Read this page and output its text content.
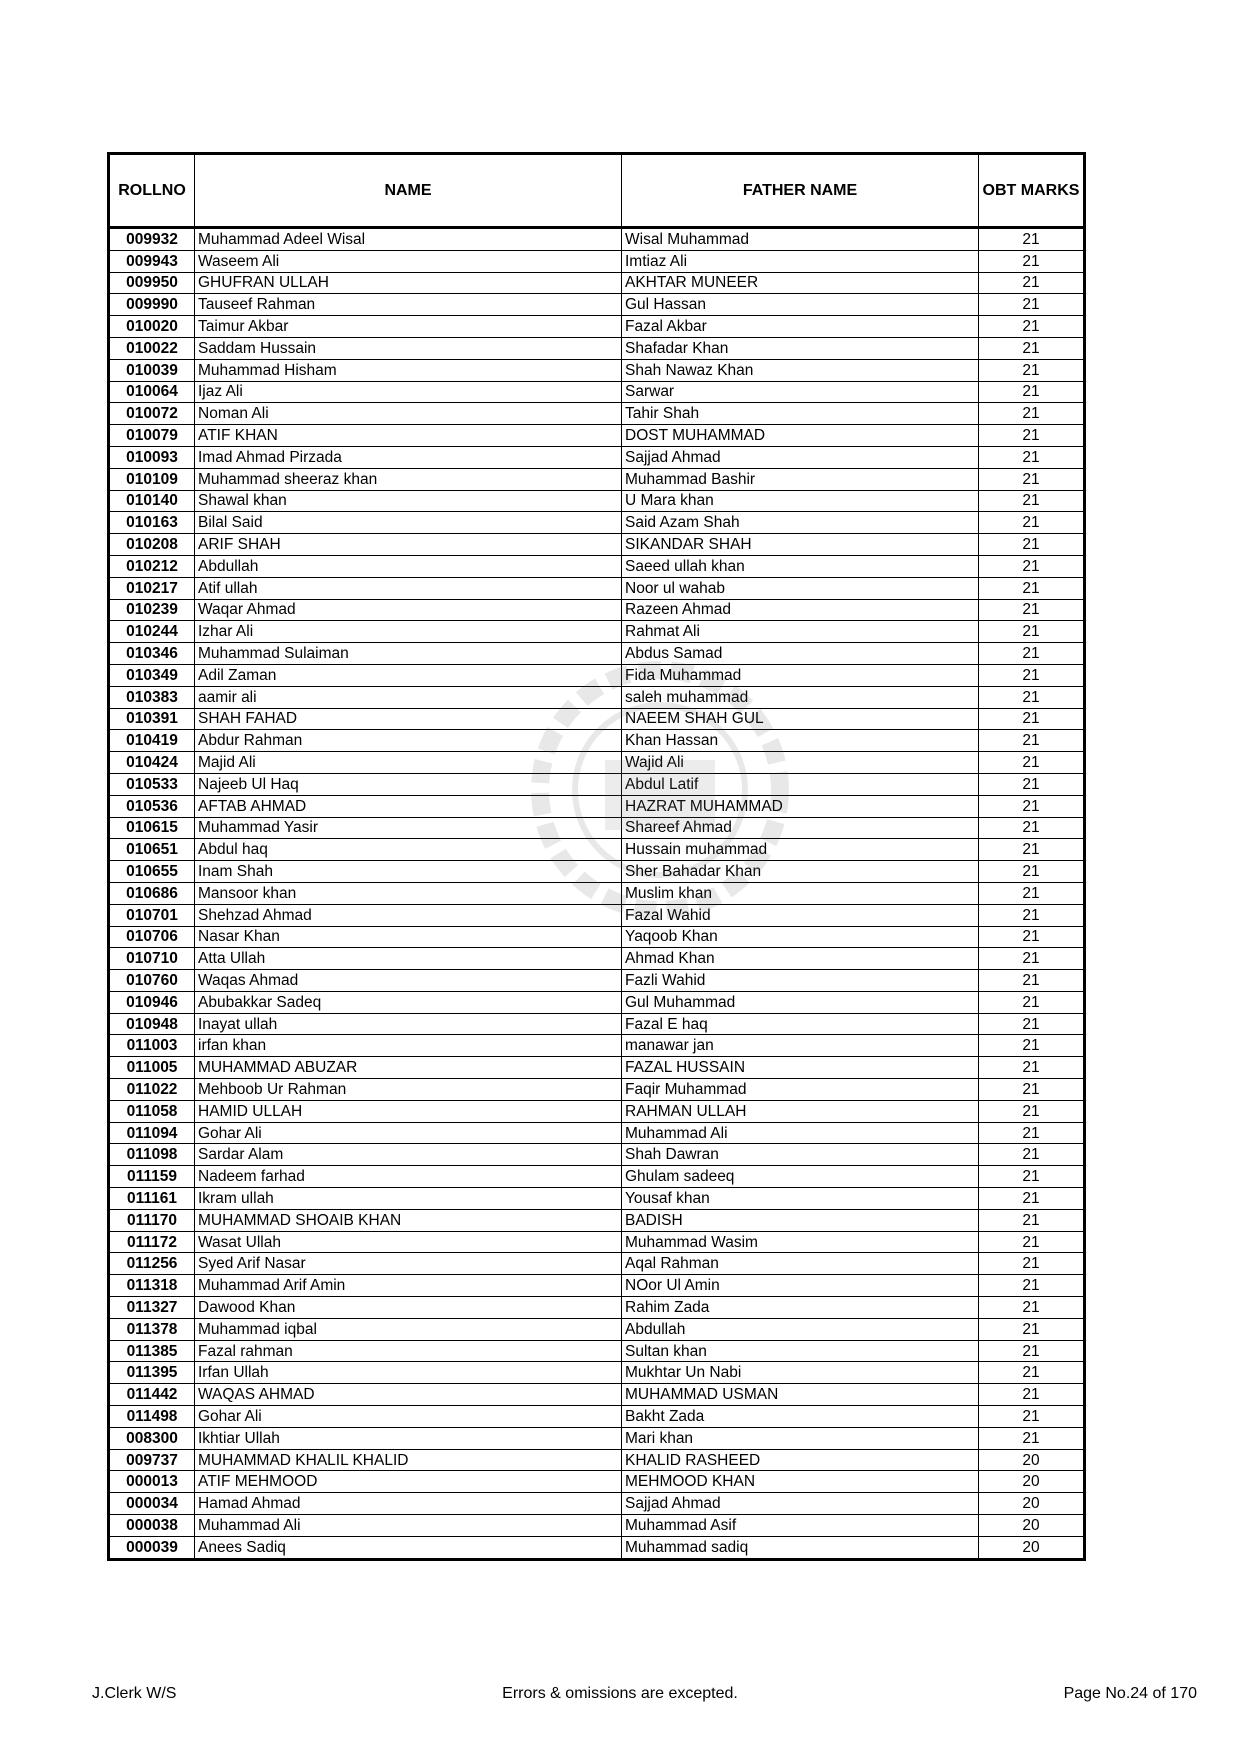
ROLLNO	NAME	FATHER NAME	OBT MARKS
009932	Muhammad Adeel Wisal	Wisal Muhammad	21
009943	Waseem Ali	Imtiaz Ali	21
009950	GHUFRAN ULLAH	AKHTAR MUNEER	21
009990	Tauseef Rahman	Gul Hassan	21
010020	Taimur Akbar	Fazal Akbar	21
010022	Saddam Hussain	Shafadar Khan	21
010039	Muhammad Hisham	Shah Nawaz Khan	21
010064	Ijaz Ali	Sarwar	21
010072	Noman Ali	Tahir Shah	21
010079	ATIF KHAN	DOST MUHAMMAD	21
010093	Imad Ahmad Pirzada	Sajjad Ahmad	21
010109	Muhammad sheeraz khan	Muhammad Bashir	21
010140	Shawal khan	U Mara khan	21
010163	Bilal Said	Said Azam Shah	21
010208	ARIF SHAH	SIKANDAR SHAH	21
010212	Abdullah	Saeed ullah khan	21
010217	Atif ullah	Noor ul wahab	21
010239	Waqar Ahmad	Razeen Ahmad	21
010244	Izhar Ali	Rahmat Ali	21
010346	Muhammad Sulaiman	Abdus Samad	21
010349	Adil Zaman	Fida Muhammad	21
010383	aamir ali	saleh muhammad	21
010391	SHAH FAHAD	NAEEM SHAH GUL	21
010419	Abdur Rahman	Khan Hassan	21
010424	Majid Ali	Wajid Ali	21
010533	Najeeb Ul Haq	Abdul Latif	21
010536	AFTAB AHMAD	HAZRAT MUHAMMAD	21
010615	Muhammad Yasir	Shareef Ahmad	21
010651	Abdul haq	Hussain muhammad	21
010655	Inam Shah	Sher Bahadar Khan	21
010686	Mansoor khan	Muslim khan	21
010701	Shehzad Ahmad	Fazal Wahid	21
010706	Nasar Khan	Yaqoob Khan	21
010710	Atta Ullah	Ahmad Khan	21
010760	Waqas Ahmad	Fazli Wahid	21
010946	Abubakkar Sadeq	Gul Muhammad	21
010948	Inayat ullah	Fazal E haq	21
011003	irfan khan	manawar jan	21
011005	MUHAMMAD ABUZAR	FAZAL HUSSAIN	21
011022	Mehboob Ur Rahman	Faqir Muhammad	21
011058	HAMID ULLAH	RAHMAN ULLAH	21
011094	Gohar Ali	Muhammad Ali	21
011098	Sardar Alam	Shah Dawran	21
011159	Nadeem farhad	Ghulam sadeeq	21
011161	Ikram ullah	Yousaf khan	21
011170	MUHAMMAD SHOAIB KHAN	BADISH	21
011172	Wasat Ullah	Muhammad Wasim	21
011256	Syed Arif Nasar	Aqal Rahman	21
011318	Muhammad Arif Amin	NOor Ul Amin	21
011327	Dawood Khan	Rahim Zada	21
011378	Muhammad iqbal	Abdullah	21
011385	Fazal rahman	Sultan khan	21
011395	Irfan Ullah	Mukhtar Un Nabi	21
011442	WAQAS AHMAD	MUHAMMAD USMAN	21
011498	Gohar Ali	Bakht Zada	21
008300	Ikhtiar Ullah	Mari khan	21
009737	MUHAMMAD KHALIL KHALID	KHALID RASHEED	20
000013	ATIF MEHMOOD	MEHMOOD KHAN	20
000034	Hamad Ahmad	Sajjad Ahmad	20
000038	Muhammad Ali	Muhammad Asif	20
000039	Anees Sadiq	Muhammad sadiq	20
J.Clerk W/S	Errors & omissions are excepted.	Page No.24 of 170
